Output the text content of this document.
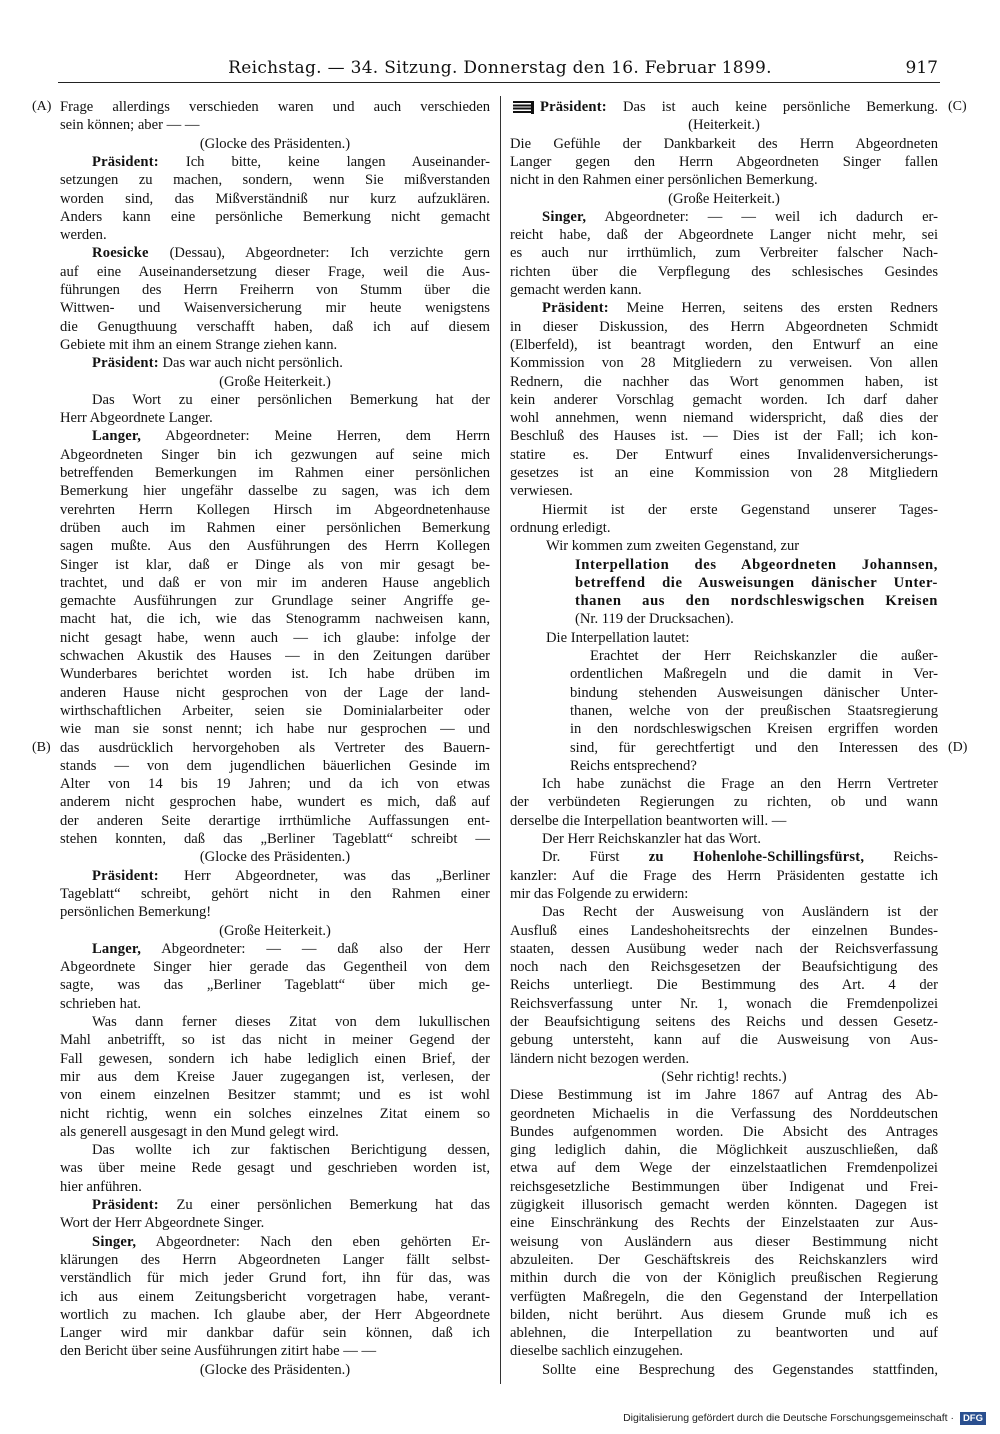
Reichstag. — 34. Sitzung. Donnerstag den 16. Februar 1899.	917
(A)
(B)
(C)
(D)
Frage allerdings verschieden waren und auch verschieden
sein können; aber — —
(Glocke des Präsidenten.)
Präsident: Ich bitte, keine langen Auseinander-
setzungen zu machen, sondern, wenn Sie mißverstanden
worden sind, das Mißverständniß nur kurz aufzuklären.
Anders kann eine persönliche Bemerkung nicht gemacht
werden.
Roesicke (Dessau), Abgeordneter: Ich verzichte gern
auf eine Auseinandersetzung dieser Frage, weil die Aus-
führungen des Herrn Freiherrn von Stumm über die
Wittwen- und Waisenversicherung mir heute wenigstens
die Genugthuung verschafft haben, daß ich auf diesem
Gebiete mit ihm an einem Strange ziehen kann.
Präsident: Das war auch nicht persönlich.
(Große Heiterkeit.)
Das Wort zu einer persönlichen Bemerkung hat der
Herr Abgeordnete Langer.
Langer, Abgeordneter: Meine Herren, dem Herrn
Abgeordneten Singer bin ich gezwungen auf seine mich
betreffenden Bemerkungen im Rahmen einer persönlichen
Bemerkung hier ungefähr dasselbe zu sagen, was ich dem
verehrten Herrn Kollegen Hirsch im Abgeordnetenhause
drüben auch im Rahmen einer persönlichen Bemerkung
sagen mußte. Aus den Ausführungen des Herrn Kollegen
Singer ist klar, daß er Dinge als von mir gesagt be-
trachtet, und daß er von mir im anderen Hause angeblich
gemachte Ausführungen zur Grundlage seiner Angriffe ge-
macht hat, die ich, wie das Stenogramm nachweisen kann,
nicht gesagt habe, wenn auch — ich glaube: infolge der
schwachen Akustik des Hauses — in den Zeitungen darüber
Wunderbares berichtet worden ist. Ich habe drüben im
anderen Hause nicht gesprochen von der Lage der land-
wirthschaftlichen Arbeiter, seien sie Dominialarbeiter oder
wie man sie sonst nennt; ich habe nur gesprochen — und
das ausdrücklich hervorgehoben als Vertreter des Bauern-
stands — von dem jugendlichen bäuerlichen Gesinde im
Alter von 14 bis 19 Jahren; und da ich von etwas
anderem nicht gesprochen habe, wundert es mich, daß auf
der anderen Seite derartige irrthümliche Auffassungen ent-
stehen konnten, daß das „Berliner Tageblatt“ schreibt —
(Glocke des Präsidenten.)
Präsident: Herr Abgeordneter, was das „Berliner
Tageblatt“ schreibt, gehört nicht in den Rahmen einer
persönlichen Bemerkung!
(Große Heiterkeit.)
Langer, Abgeordneter: — — daß also der Herr
Abgeordnete Singer hier gerade das Gegentheil von dem
sagte, was das „Berliner Tageblatt“ über mich ge-
schrieben hat.
Was dann ferner dieses Zitat von dem lukullischen
Mahl anbetrifft, so ist das nicht in meiner Gegend der
Fall gewesen, sondern ich habe lediglich einen Brief, der
mir aus dem Kreise Jauer zugegangen ist, verlesen, der
von einem einzelnen Besitzer stammt; und es ist wohl
nicht richtig, wenn ein solches einzelnes Zitat einem so
als generell ausgesagt in den Mund gelegt wird.
Das wollte ich zur faktischen Berichtigung dessen,
was über meine Rede gesagt und geschrieben worden ist,
hier anführen.
Präsident: Zu einer persönlichen Bemerkung hat das
Wort der Herr Abgeordnete Singer.
Singer, Abgeordneter: Nach den eben gehörten Er-
klärungen des Herrn Abgeordneten Langer fällt selbst-
verständlich für mich jeder Grund fort, ihn für das, was
ich aus einem Zeitungsbericht vorgetragen habe, verant-
wortlich zu machen. Ich glaube aber, der Herr Abgeordnete
Langer wird mir dankbar dafür sein können, daß ich
den Bericht über seine Ausführungen zitirt habe — —
(Glocke des Präsidenten.)
Präsident: Das ist auch keine persönliche Bemerkung.
(Heiterkeit.)
Die Gefühle der Dankbarkeit des Herrn Abgeordneten
Langer gegen den Herrn Abgeordneten Singer fallen
nicht in den Rahmen einer persönlichen Bemerkung.
(Große Heiterkeit.)
Singer, Abgeordneter: — — weil ich dadurch er-
reicht habe, daß der Abgeordnete Langer nicht mehr, sei
es auch nur irrthümlich, zum Verbreiter falscher Nach-
richten über die Verpflegung des schlesisches Gesindes
gemacht werden kann.
Präsident: Meine Herren, seitens des ersten Redners
in dieser Diskussion, des Herrn Abgeordneten Schmidt
(Elberfeld), ist beantragt worden, den Entwurf an eine
Kommission von 28 Mitgliedern zu verweisen. Von allen
Rednern, die nachher das Wort genommen haben, ist
kein anderer Vorschlag gemacht worden. Ich darf daher
wohl annehmen, wenn niemand widerspricht, daß dies der
Beschluß des Hauses ist. — Dies ist der Fall; ich kon-
statire es. Der Entwurf eines Invalidenversicherungs-
gesetzes ist an eine Kommission von 28 Mitgliedern
verwiesen.
Hiermit ist der erste Gegenstand unserer Tages-
ordnung erledigt.
Wir kommen zum zweiten Gegenstand, zur
Interpellation des Abgeordneten Johannsen,
betreffend die Ausweisungen dänischer Unter-
thanen aus den nordschleswigschen Kreisen
(Nr. 119 der Drucksachen).
Die Interpellation lautet:
Erachtet der Herr Reichskanzler die außer-
ordentlichen Maßregeln und die damit in Ver-
bindung stehenden Ausweisungen dänischer Unter-
thanen, welche von der preußischen Staatsregierung
in den nordschleswigschen Kreisen ergriffen worden
sind, für gerechtfertigt und den Interessen des
Reichs entsprechend?
Ich habe zunächst die Frage an den Herrn Vertreter
der verbündeten Regierungen zu richten, ob und wann
derselbe die Interpellation beantworten will. —
Der Herr Reichskanzler hat das Wort.
Dr. Fürst zu Hohenlohe-Schillingsfürst, Reichs-
kanzler: Auf die Frage des Herrn Präsidenten gestatte ich
mir das Folgende zu erwidern:
Das Recht der Ausweisung von Ausländern ist der
Ausfluß eines Landeshoheitsrechts der einzelnen Bundes-
staaten, dessen Ausübung weder nach der Reichsverfassung
noch nach den Reichsgesetzen der Beaufsichtigung des
Reichs unterliegt. Die Bestimmung des Art. 4 der
Reichsverfassung unter Nr. 1, wonach die Fremdenpolizei
der Beaufsichtigung seitens des Reichs und dessen Gesetz-
gebung untersteht, kann auf die Ausweisung von Aus-
ländern nicht bezogen werden.
(Sehr richtig! rechts.)
Diese Bestimmung ist im Jahre 1867 auf Antrag des Ab-
geordneten Michaelis in die Verfassung des Norddeutschen
Bundes aufgenommen worden. Die Absicht des Antrages
ging lediglich dahin, die Möglichkeit auszuschließen, daß
etwa auf dem Wege der einzelstaatlichen Fremdenpolizei
reichsgesetzliche Bestimmungen über Indigenat und Frei-
zügigkeit illusorisch gemacht werden könnten. Dagegen ist
eine Einschränkung des Rechts der Einzelstaaten zur Aus-
weisung von Ausländern aus dieser Bestimmung nicht
abzuleiten. Der Geschäftskreis des Reichskanzlers wird
mithin durch die von der Königlich preußischen Regierung
verfügten Maßregeln, die den Gegenstand der Interpellation
bilden, nicht berührt. Aus diesem Grunde muß ich es
ablehnen, die Interpellation zu beantworten und auf
dieselbe sachlich einzugehen.
Sollte eine Besprechung des Gegenstandes stattfinden,
Digitalisierung gefördert durch die Deutsche Forschungsgemeinschaft · DFG
